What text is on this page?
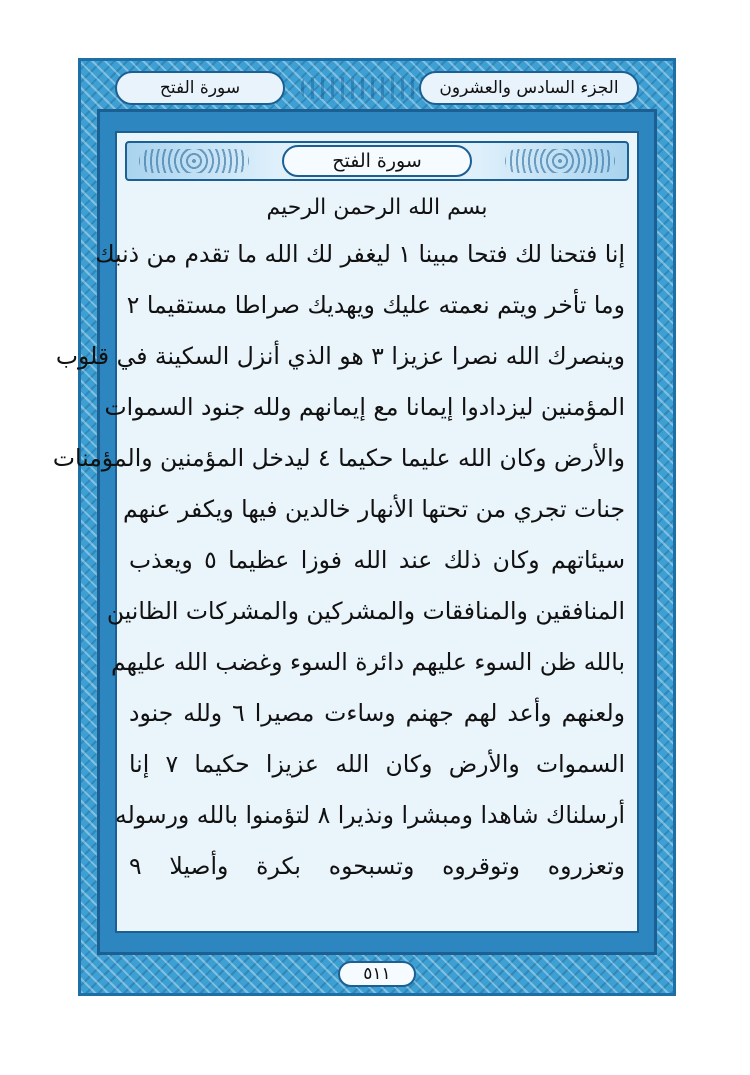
سورة الفتح	الجزء السادس والعشرون
سورة الفتح
بسم الله الرحمن الرحيم
إنا فتحنا لك فتحا مبينا ١ ليغفر لك الله ما تقدم من ذنبك
وما تأخر ويتم نعمته عليك ويهديك صراطا مستقيما ٢
وينصرك الله نصرا عزيزا ٣ هو الذي أنزل السكينة في قلوب
المؤمنين ليزدادوا إيمانا مع إيمانهم ولله جنود السموات
والأرض وكان الله عليما حكيما ٤ ليدخل المؤمنين والمؤمنات
جنات تجري من تحتها الأنهار خالدين فيها ويكفر عنهم
سيئاتهم وكان ذلك عند الله فوزا عظيما ٥ ويعذب
المنافقين والمنافقات والمشركين والمشركات الظانين
بالله ظن السوء عليهم دائرة السوء وغضب الله عليهم
ولعنهم وأعد لهم جهنم وساءت مصيرا ٦ ولله جنود
السموات والأرض وكان الله عزيزا حكيما ٧ إنا
أرسلناك شاهدا ومبشرا ونذيرا ٨ لتؤمنوا بالله ورسوله
وتعزروه وتوقروه وتسبحوه بكرة وأصيلا ٩
٥١١
